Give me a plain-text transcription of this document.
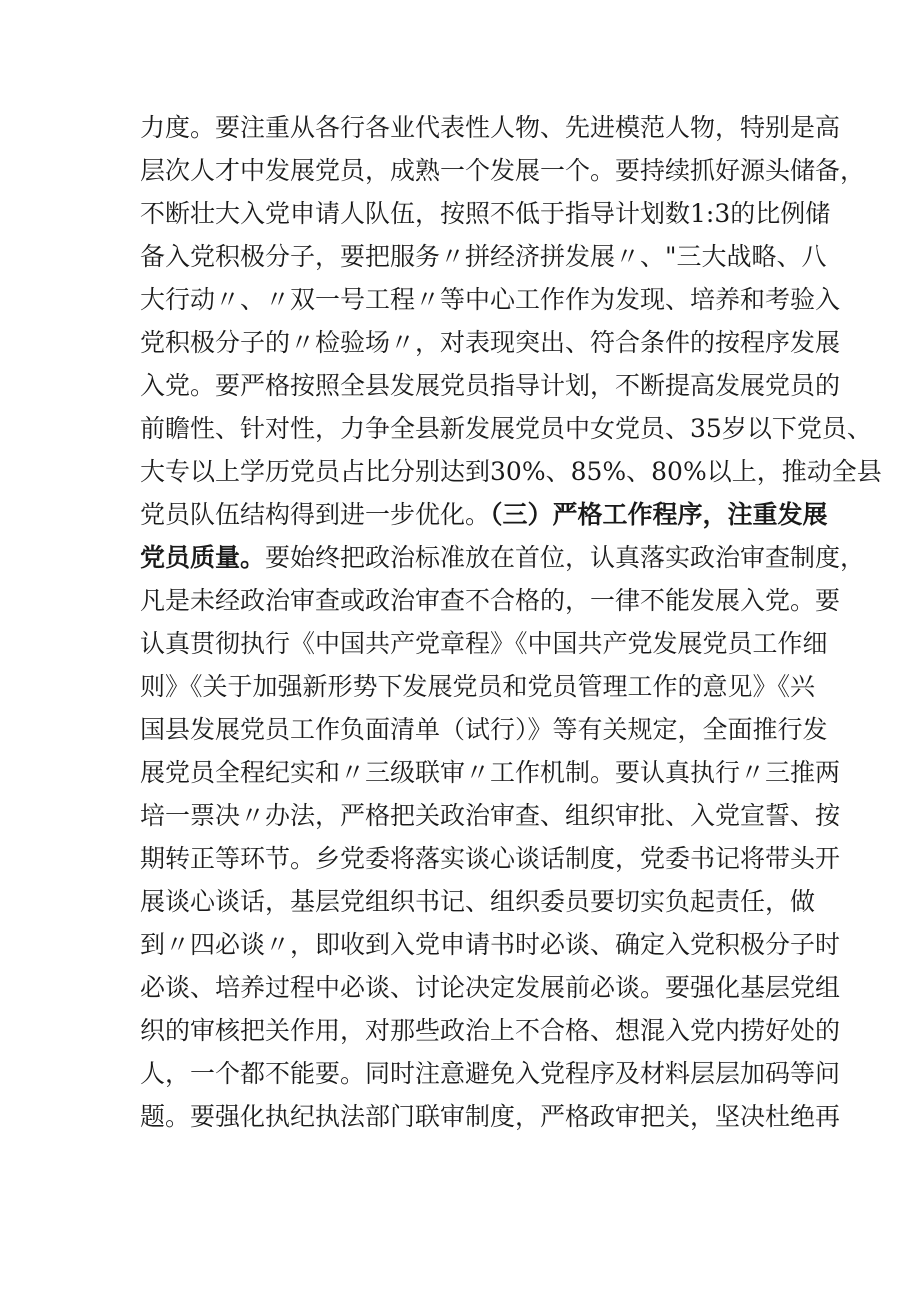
力度。要注重从各行各业代表性人物、先进模范人物，特别是高
层次人才中发展党员，成熟一个发展一个。要持续抓好源头储备，
不断壮大入党申请人队伍，按照不低于指导计划数1:3的比例储
备入党积极分子，要把服务〃拼经济拼发展〃、"三大战略、八
大行动〃、〃双一号工程〃等中心工作作为发现、培养和考验入
党积极分子的〃检验场〃，对表现突出、符合条件的按程序发展
入党。要严格按照全县发展党员指导计划，不断提高发展党员的
前瞻性、针对性，力争全县新发展党员中女党员、35岁以下党员、
大专以上学历党员占比分别达到30%、85%、80%以上，推动全县
党员队伍结构得到进一步优化。（三）严格工作程序，注重发展
党员质量。要始终把政治标准放在首位，认真落实政治审查制度，
凡是未经政治审查或政治审查不合格的，一律不能发展入党。要
认真贯彻执行《中国共产党章程》《中国共产党发展党员工作细
则》《关于加强新形势下发展党员和党员管理工作的意见》《兴
国县发展党员工作负面清单（试行）》等有关规定，全面推行发
展党员全程纪实和〃三级联审〃工作机制。要认真执行〃三推两
培一票决〃办法，严格把关政治审查、组织审批、入党宣誓、按
期转正等环节。乡党委将落实谈心谈话制度，党委书记将带头开
展谈心谈话，基层党组织书记、组织委员要切实负起责任，做
到〃四必谈〃，即收到入党申请书时必谈、确定入党积极分子时
必谈、培养过程中必谈、讨论决定发展前必谈。要强化基层党组
织的审核把关作用，对那些政治上不合格、想混入党内捞好处的
人，一个都不能要。同时注意避免入党程序及材料层层加码等问
题。要强化执纪执法部门联审制度，严格政审把关，坚决杜绝再
